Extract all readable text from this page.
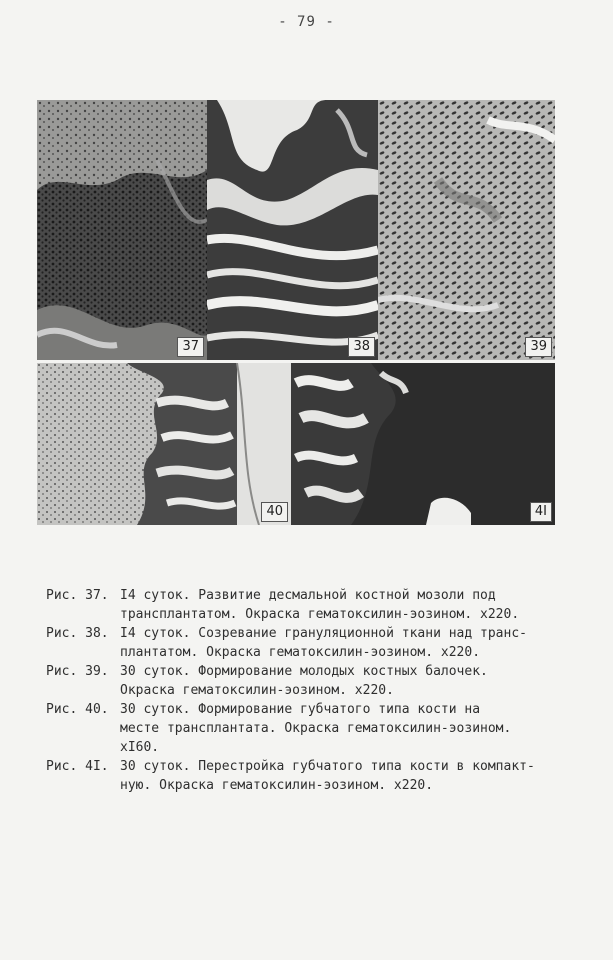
- 79 -
37	38	39
40	4I
Рис. 37. I4 суток. Развитие десмальной костной мозоли под
трансплантатом. Окраска гематоксилин-эозином. x220.
Рис. 38. I4 суток. Созревание грануляционной ткани над транс-
плантатом. Окраска гематоксилин-эозином. x220.
Рис. 39. 30 суток. Формирование молодых костных балочек.
Окраска гематоксилин-эозином. x220.
Рис. 40. 30 суток. Формирование губчатого типа кости на
месте трансплантата. Окраска гематоксилин-эозином.
xI60.
Рис. 4I. 30 суток. Перестройка губчатого типа кости в компакт-
ную. Окраска гематоксилин-эозином. x220.
